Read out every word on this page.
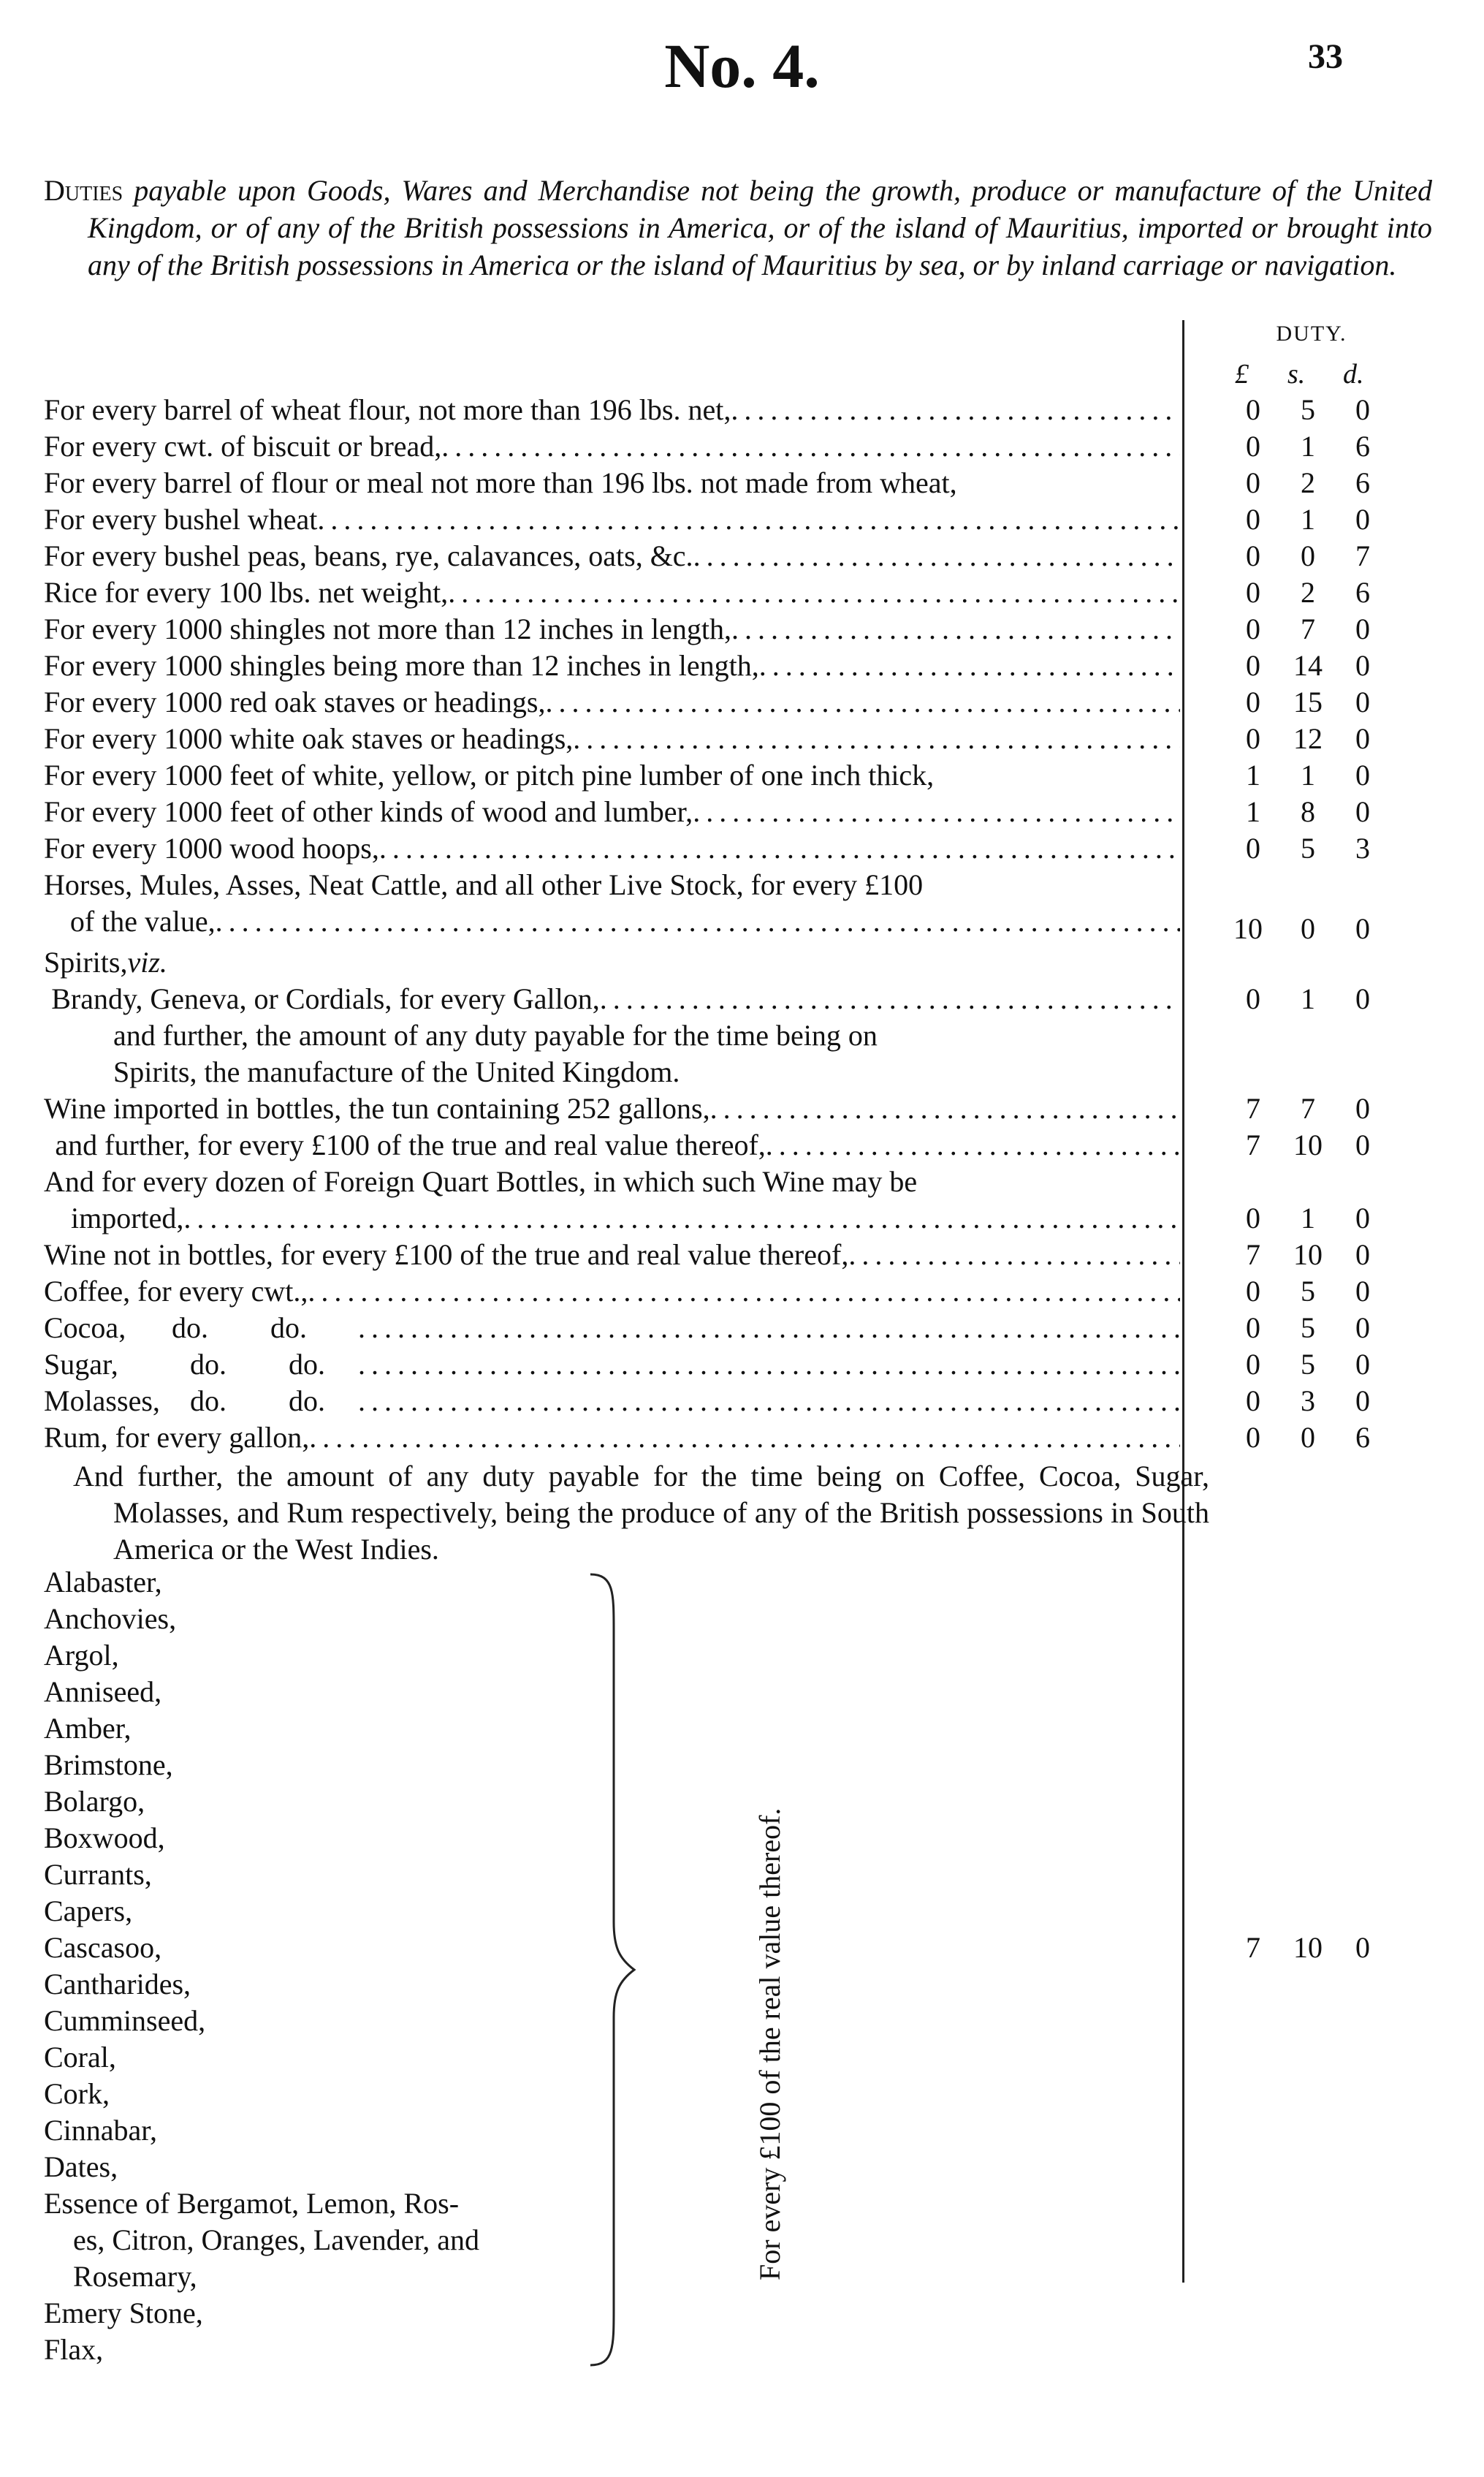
No. 4.	33
Duties payable upon Goods, Wares and Merchandise not being the growth, produce or manufacture of the United Kingdom, or of any of the British possessions in America, or of the island of Mauritius, imported or brought into any of the British possessions in America or the island of Mauritius by sea, or by inland carriage or navigation.
DUTY.
£ s. d.
For every barrel of wheat flour, not more than 196 lbs. net, . . .	0	5	0
For every cwt. of biscuit or bread, . . .	0	1	6
For every barrel of flour or meal not more than 196 lbs. not made from wheat,	0	2	6
For every bushel wheat . . .	0	1	0
For every bushel peas, beans, rye, calavances, oats, &c. . . .	0	0	7
Rice for every 100 lbs. net weight, . . .	0	2	6
For every 1000 shingles not more than 12 inches in length, . . .	0	7	0
For every 1000 shingles being more than 12 inches in length, . . .	0	14	0
For every 1000 red oak staves or headings, . . .	0	15	0
For every 1000 white oak staves or headings, . . .	0	12	0
For every 1000 feet of white, yellow, or pitch pine lumber of one inch thick,	1	1	0
For every 1000 feet of other kinds of wood and lumber, . . .	1	8	0
For every 1000 wood hoops, . . .	0	5	3
Horses, Mules, Asses, Neat Cattle, and all other Live Stock, for every £100
of the value, . . .	10	0	0
Spirits, viz.
Brandy, Geneva, or Cordials, for every Gallon, . . .	0	1	0
and further, the amount of any duty payable for the time being on
Spirits, the manufacture of the United Kingdom.
Wine imported in bottles, the tun containing 252 gallons, . . .	7	7	0
and further, for every £100 of the true and real value thereof, . . .	7	10	0
And for every dozen of Foreign Quart Bottles, in which such Wine may be
imported, . . .	0	1	0
Wine not in bottles, for every £100 of the true and real value thereof, . . .	7	10	0
Coffee, for every cwt., . . .	0	5	0
Cocoa,	do.	do. . . .	0	5	0
Sugar,	do.	do. . . .	0	5	0
Molasses,	do.	do. . . .	0	3	0
Rum, for every gallon, . . .	0	0	6
And further, the amount of any duty payable for the time being on Coffee, Cocoa, Sugar, Molasses, and Rum respectively, being the produce of any of the British possessions in South America or the West Indies.
Alabaster,
Anchovies,
Argol,
Anniseed,
Amber,
Brimstone,
Bolargo,
Boxwood,
Currants,
Capers,
Cascasoo,
Cantharides,
Cumminseed,
Coral,
Cork,
Cinnabar,
Dates,
Essence of Bergamot, Lemon, Ros-
es, Citron, Oranges, Lavender, and
Rosemary,
Emery Stone,
Flax,
For every £100 of the real value thereof.	7	10	0
